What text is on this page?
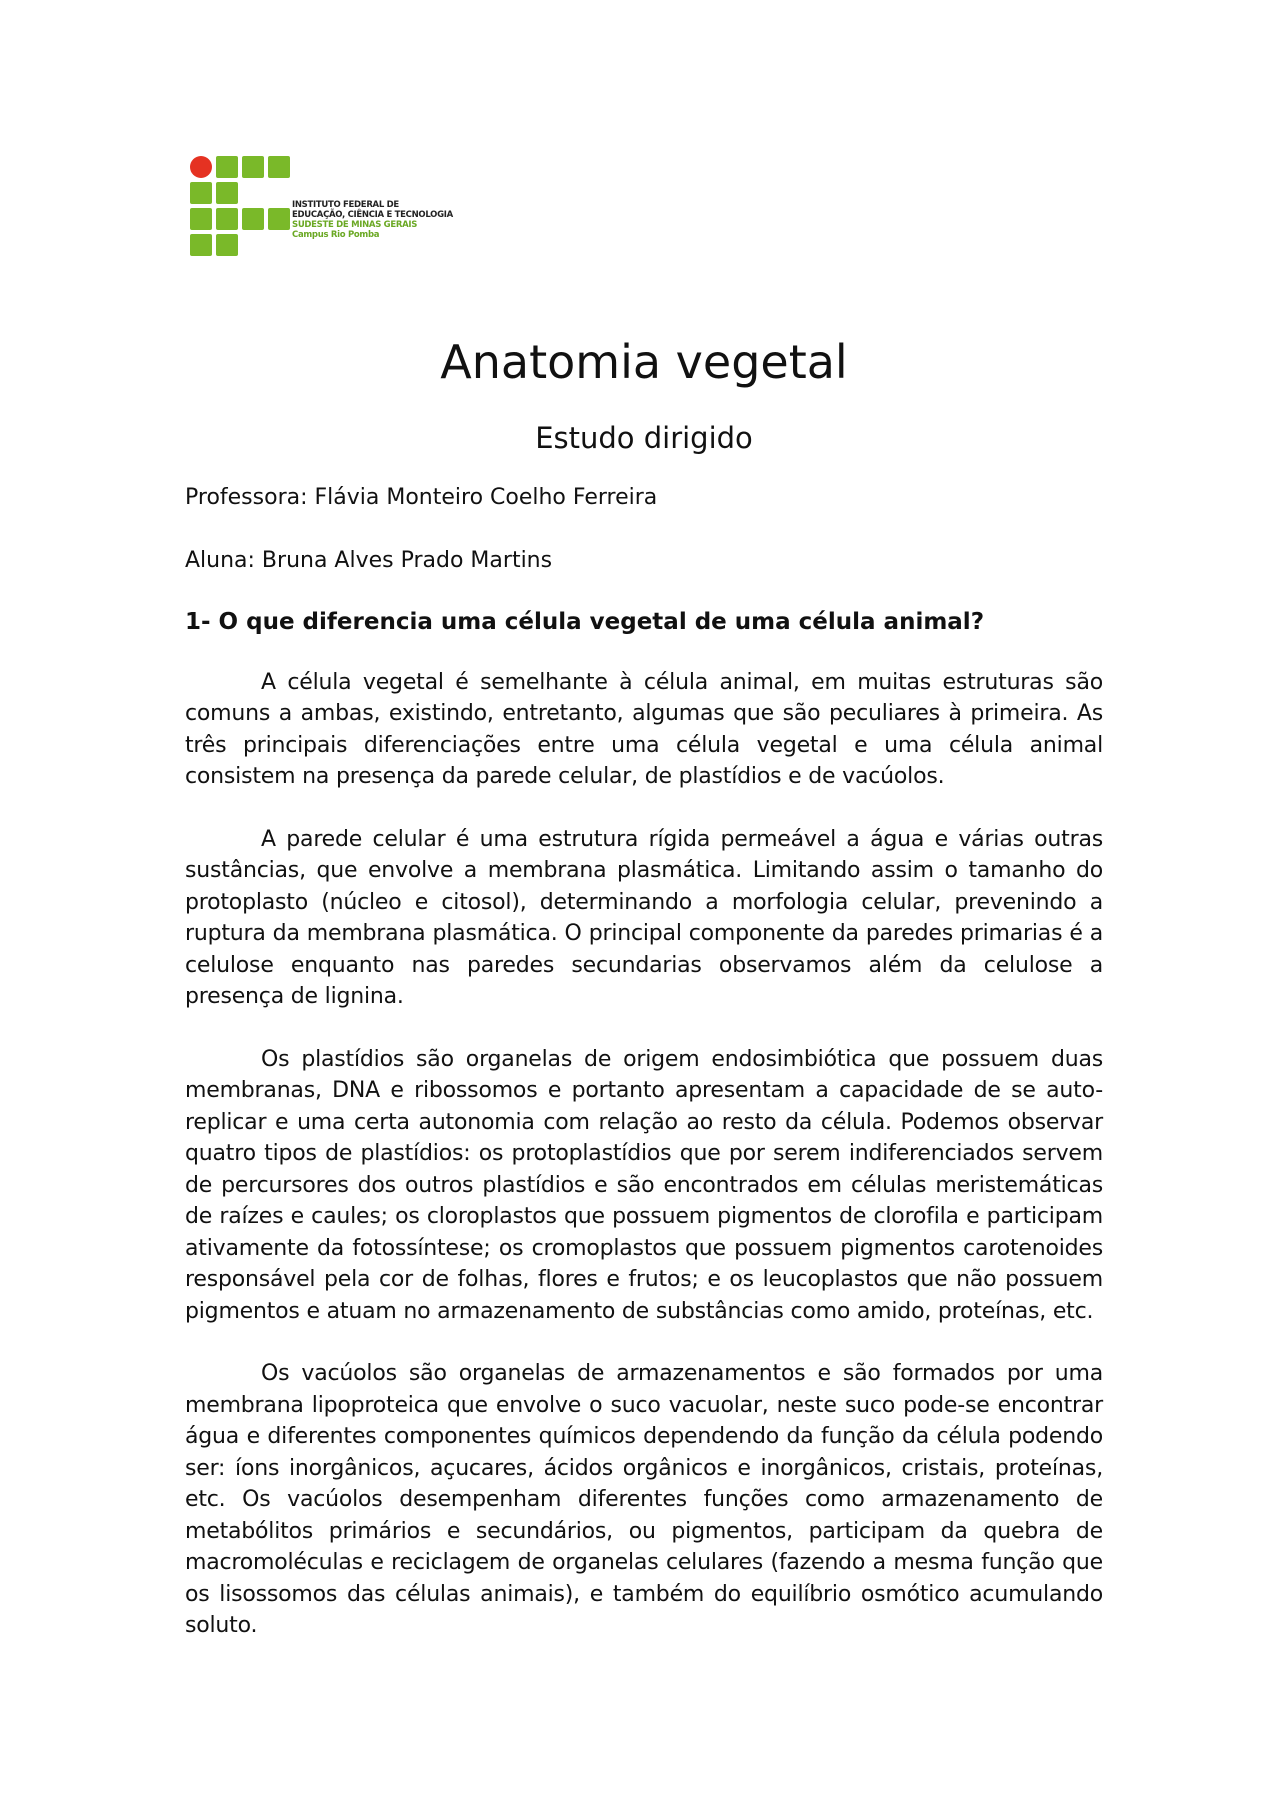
INSTITUTO FEDERAL DE
EDUCAÇÃO, CIÊNCIA E TECNOLOGIA
SUDESTE DE MINAS GERAIS
Campus Rio Pomba
Anatomia vegetal
Estudo dirigido

Professora: Flávia Monteiro Coelho Ferreira

Aluna: Bruna Alves Prado Martins

1- O que diferencia uma célula vegetal de uma célula animal?

A célula vegetal é semelhante à célula animal, em muitas estruturas são comuns a ambas, existindo, entretanto, algumas que são peculiares à primeira. As três principais diferenciações entre uma célula vegetal e uma célula animal consistem na presença da parede celular, de plastídios e de vacúolos.

A parede celular é uma estrutura rígida permeável a água e várias outras sustâncias, que envolve a membrana plasmática. Limitando assim o tamanho do protoplasto (núcleo e citosol), determinando a morfologia celular, prevenindo a ruptura da membrana plasmática. O principal componente da paredes primarias é a celulose enquanto nas paredes secundarias observamos além da celulose a presença de lignina.

Os plastídios são organelas de origem endosimbiótica que possuem duas membranas, DNA e ribossomos e portanto apresentam a capacidade de se auto-replicar e uma certa autonomia com relação ao resto da célula. Podemos observar quatro tipos de plastídios: os protoplastídios que por serem indiferenciados servem de percursores dos outros plastídios e são encontrados em células meristemáticas de raízes e caules; os cloroplastos que possuem pigmentos de clorofila e participam ativamente da fotossíntese; os cromoplastos que possuem pigmentos carotenoides responsável pela cor de folhas, flores e frutos; e os leucoplastos que não possuem pigmentos e atuam no armazenamento de substâncias como amido, proteínas, etc.

Os vacúolos são organelas de armazenamentos e são formados por uma membrana lipoproteica que envolve o suco vacuolar, neste suco pode-se encontrar água e diferentes componentes químicos dependendo da função da célula podendo ser: íons inorgânicos, açucares, ácidos orgânicos e inorgânicos, cristais, proteínas, etc. Os vacúolos desempenham diferentes funções como armazenamento de metabólitos primários e secundários, ou pigmentos, participam da quebra de macromoléculas e reciclagem de organelas celulares (fazendo a mesma função que os lisossomos das células animais), e também do equilíbrio osmótico acumulando soluto.
